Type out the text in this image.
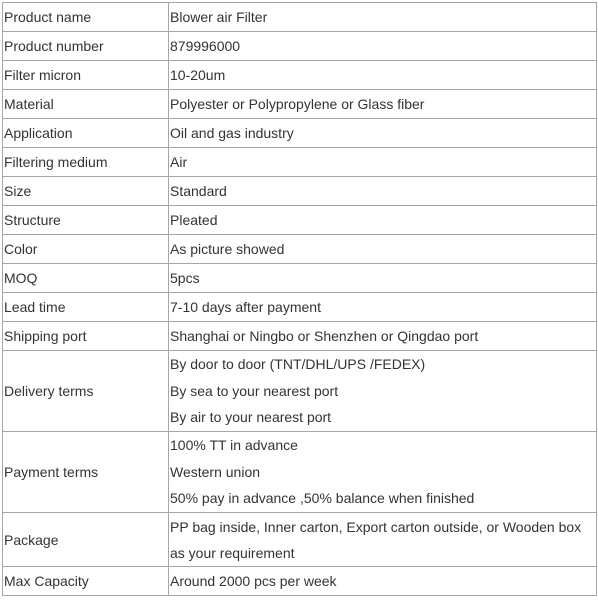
Product name	Blower air Filter

Product number	879996000

Filter micron	10-20um

Material	Polyester or Polypropylene or Glass fiber

Application	Oil and gas industry

Filtering medium	Air

Size	Standard

Structure	Pleated

Color	As picture showed

MOQ	5pcs

Lead time	7-10 days after payment

Shipping port	Shanghai or Ningbo or Shenzhen or Qingdao port

Delivery terms	By door to door (TNT/DHL/UPS /FEDEX)
By sea to your nearest port
By air to your nearest port

Payment terms	100% TT in advance
Western union
50% pay in advance ,50% balance when finished

Package	PP bag inside, Inner carton, Export carton outside, or Wooden box
as your requirement

Max Capacity	Around 2000 pcs per week
